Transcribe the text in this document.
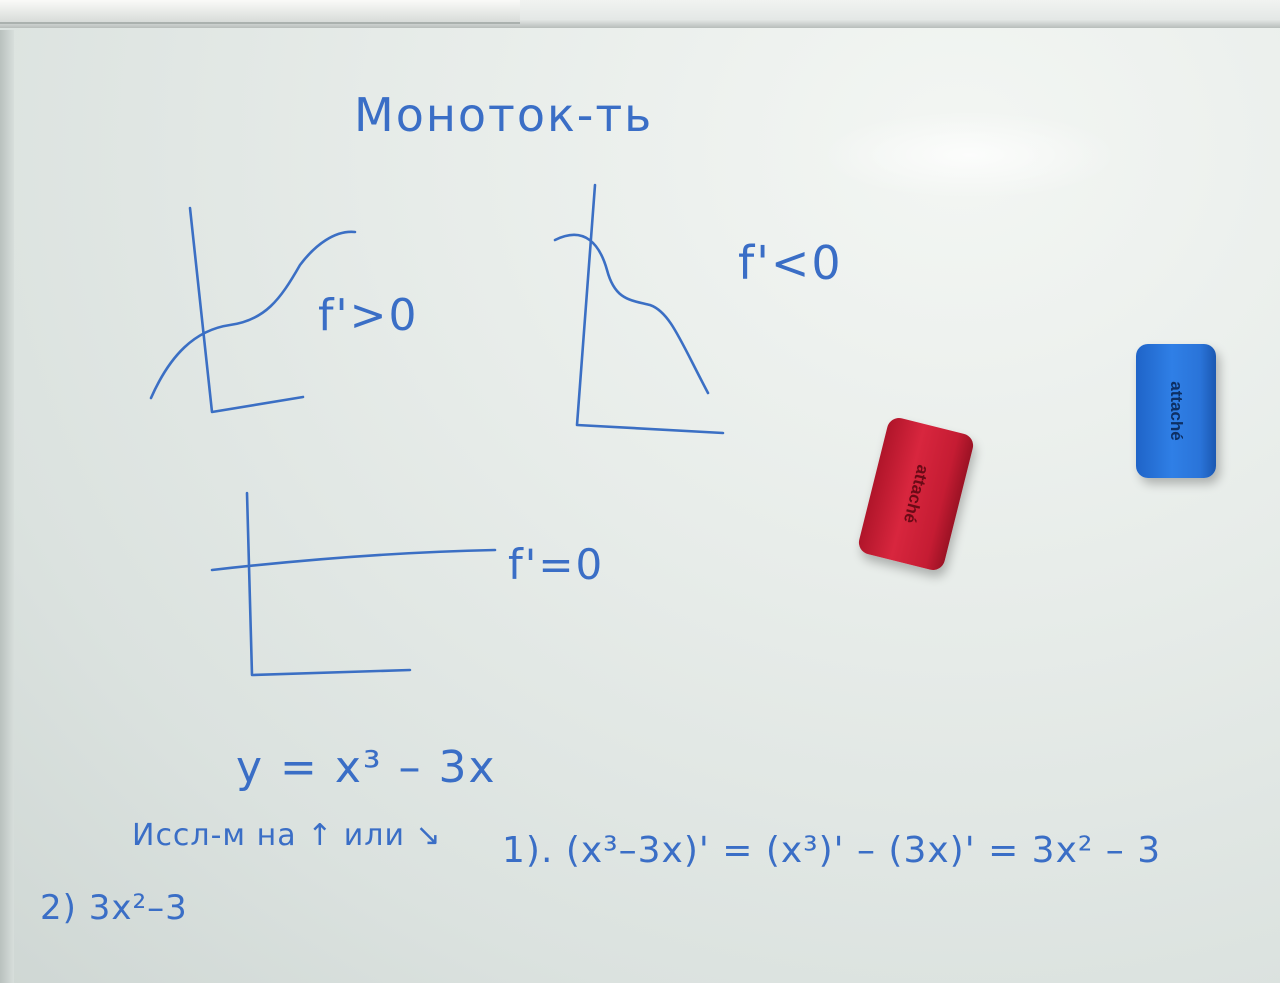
Моноток-ть
f'>0
f'<0
f'=0
y = x³ – 3x
Иссл-м на ↑ или ↘ 1). (x³–3x)' = (x³)' – (3x)' = 3x² – 3
2) 3x²–3
attaché
attaché
